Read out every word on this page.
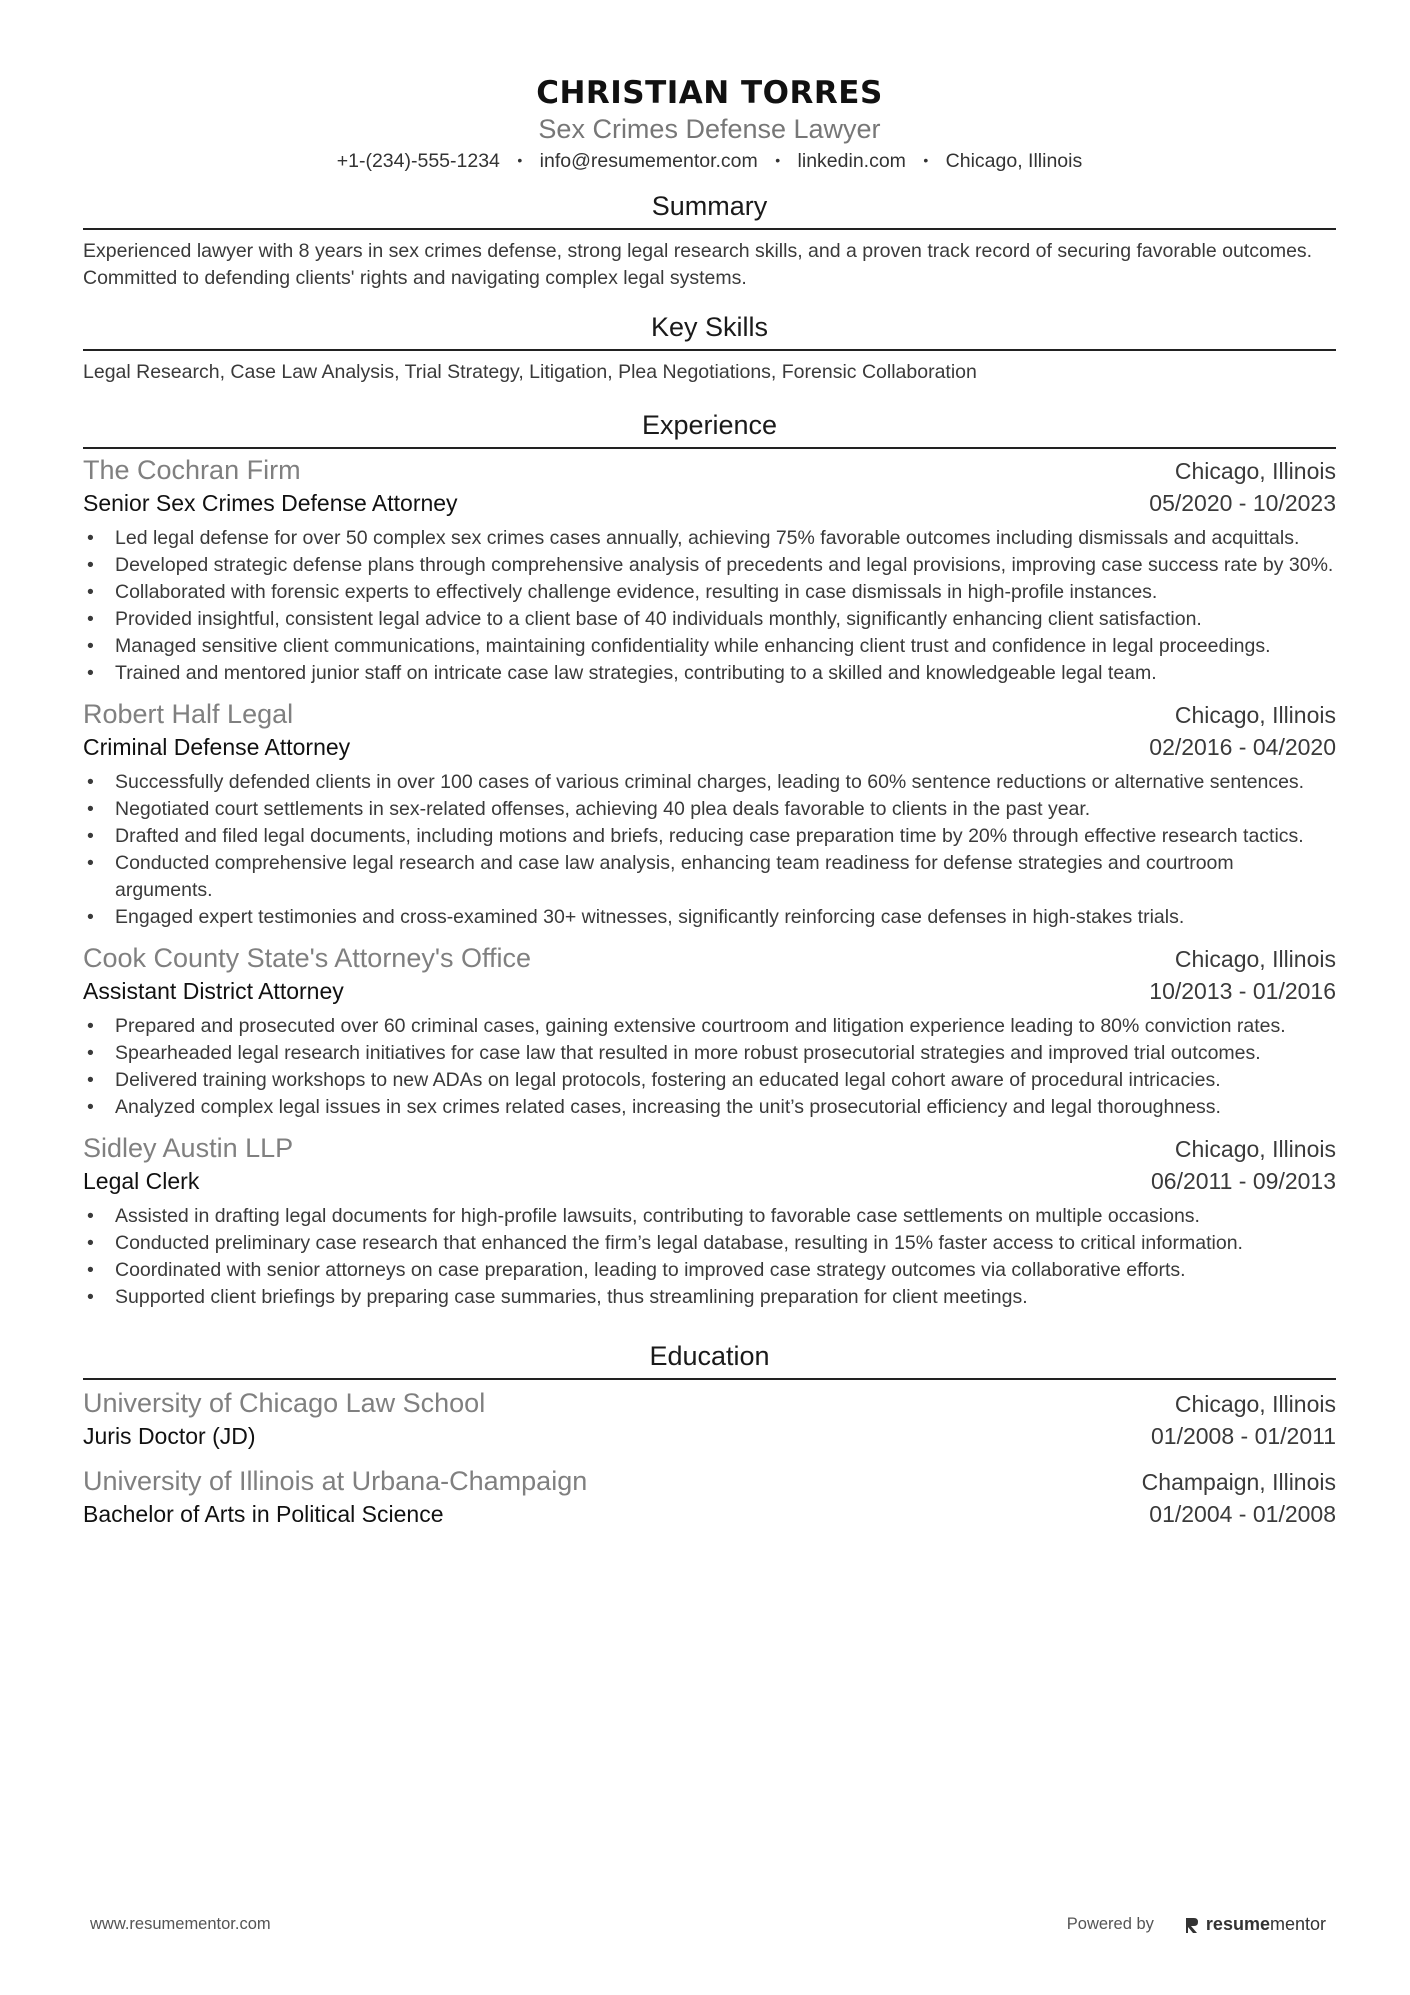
CHRISTIAN TORRES
Sex Crimes Defense Lawyer
+1-(234)-555-1234 • info@resumementor.com • linkedin.com • Chicago, Illinois
Summary
Experienced lawyer with 8 years in sex crimes defense, strong legal research skills, and a proven track record of securing favorable outcomes. Committed to defending clients' rights and navigating complex legal systems.
Key Skills
Legal Research, Case Law Analysis, Trial Strategy, Litigation, Plea Negotiations, Forensic Collaboration
Experience
The Cochran Firm	Chicago, Illinois
Senior Sex Crimes Defense Attorney	05/2020 - 10/2023
• Led legal defense for over 50 complex sex crimes cases annually, achieving 75% favorable outcomes including dismissals and acquittals.
• Developed strategic defense plans through comprehensive analysis of precedents and legal provisions, improving case success rate by 30%.
• Collaborated with forensic experts to effectively challenge evidence, resulting in case dismissals in high-profile instances.
• Provided insightful, consistent legal advice to a client base of 40 individuals monthly, significantly enhancing client satisfaction.
• Managed sensitive client communications, maintaining confidentiality while enhancing client trust and confidence in legal proceedings.
• Trained and mentored junior staff on intricate case law strategies, contributing to a skilled and knowledgeable legal team.
Robert Half Legal	Chicago, Illinois
Criminal Defense Attorney	02/2016 - 04/2020
• Successfully defended clients in over 100 cases of various criminal charges, leading to 60% sentence reductions or alternative sentences.
• Negotiated court settlements in sex-related offenses, achieving 40 plea deals favorable to clients in the past year.
• Drafted and filed legal documents, including motions and briefs, reducing case preparation time by 20% through effective research tactics.
• Conducted comprehensive legal research and case law analysis, enhancing team readiness for defense strategies and courtroom arguments.
• Engaged expert testimonies and cross-examined 30+ witnesses, significantly reinforcing case defenses in high-stakes trials.
Cook County State's Attorney's Office	Chicago, Illinois
Assistant District Attorney	10/2013 - 01/2016
• Prepared and prosecuted over 60 criminal cases, gaining extensive courtroom and litigation experience leading to 80% conviction rates.
• Spearheaded legal research initiatives for case law that resulted in more robust prosecutorial strategies and improved trial outcomes.
• Delivered training workshops to new ADAs on legal protocols, fostering an educated legal cohort aware of procedural intricacies.
• Analyzed complex legal issues in sex crimes related cases, increasing the unit’s prosecutorial efficiency and legal thoroughness.
Sidley Austin LLP	Chicago, Illinois
Legal Clerk	06/2011 - 09/2013
• Assisted in drafting legal documents for high-profile lawsuits, contributing to favorable case settlements on multiple occasions.
• Conducted preliminary case research that enhanced the firm’s legal database, resulting in 15% faster access to critical information.
• Coordinated with senior attorneys on case preparation, leading to improved case strategy outcomes via collaborative efforts.
• Supported client briefings by preparing case summaries, thus streamlining preparation for client meetings.
Education
University of Chicago Law School	Chicago, Illinois
Juris Doctor (JD)	01/2008 - 01/2011
University of Illinois at Urbana-Champaign	Champaign, Illinois
Bachelor of Arts in Political Science	01/2004 - 01/2008
www.resumementor.com	Powered by	resumementor
